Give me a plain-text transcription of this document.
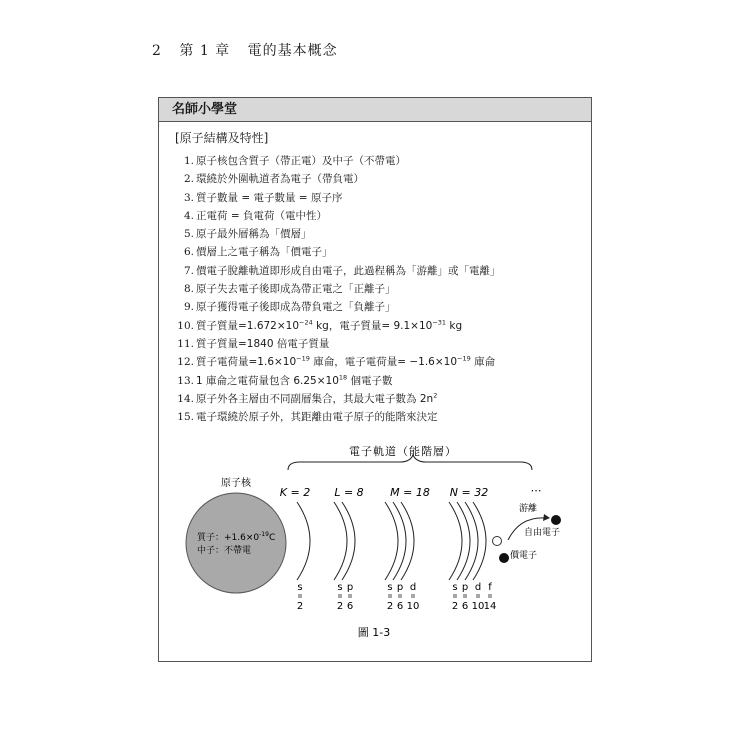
2 第 1 章 電的基本概念
名師小學堂
[原子結構及特性]
1. 原子核包含質子（帶正電）及中子（不帶電）
2. 環繞於外圍軌道者為電子（帶負電）
3. 質子數量 = 電子數量 = 原子序
4. 正電荷 = 負電荷（電中性）
5. 原子最外層稱為「價層」
6. 價層上之電子稱為「價電子」
7. 價電子脫離軌道即形成自由電子，此過程稱為「游離」或「電離」
8. 原子失去電子後即成為帶正電之「正離子」
9. 原子獲得電子後即成為帶負電之「負離子」
10. 質子質量$=1.672\times 10^{-24}$ kg，電子質量= $9.1\times 10^{-31}$ kg
11. 質子質量=1840 倍電子質量
12. 質子電荷量$=1.6\times 10^{-19}$ 庫侖，電子電荷量= $-1.6\times 10^{-19}$ 庫侖
13. 1 庫侖之電荷量包含 $6.25\times 10^{18}$ 個電子數
14. 原子外各主層由不同副層集合，其最大電子數為 $2n^2$
15. 電子環繞於原子外，其距離由電子原子的能階來決定
電子軌道（能階層）
原子核
質子：$+1.6\times 0^{-19}C$
中子：不帶電
K = 2
s
2
L = 8
s
2
p
6
M = 18
s
2
p
6
d
10
N = 32
s
2
p
6
d
10
f
14
⋯
游離
自由電子
價電子
圖 1-3
